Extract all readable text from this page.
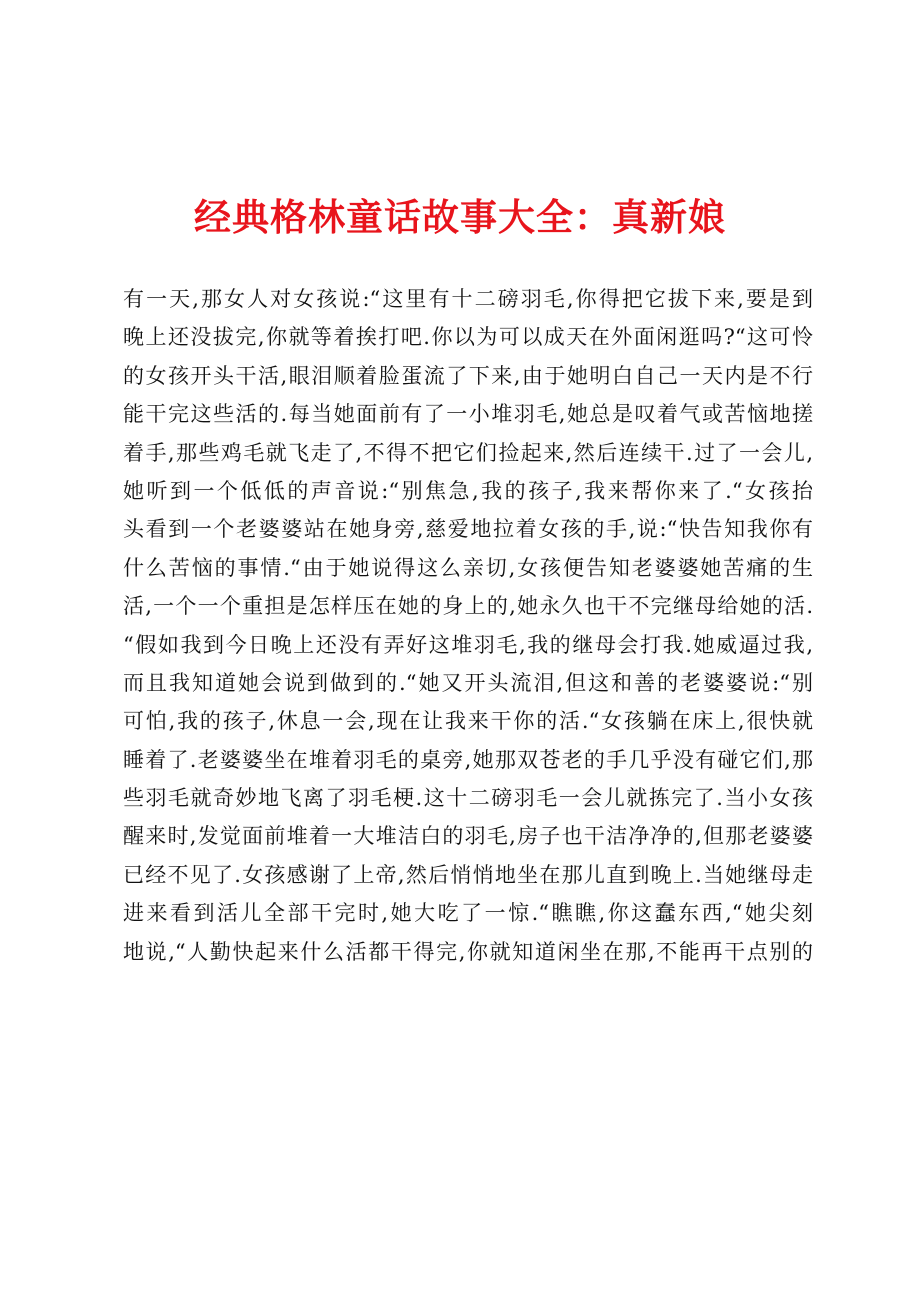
经典格林童话故事大全：真新娘
有一天,那女人对女孩说:“这里有十二磅羽毛,你得把它拔下来,要是到
晚上还没拔完,你就等着挨打吧.你以为可以成天在外面闲逛吗?“这可怜
的女孩开头干活,眼泪顺着脸蛋流了下来,由于她明白自己一天内是不行
能干完这些活的.每当她面前有了一小堆羽毛,她总是叹着气或苦恼地搓
着手,那些鸡毛就飞走了,不得不把它们捡起来,然后连续干.过了一会儿,
她听到一个低低的声音说:“别焦急,我的孩子,我来帮你来了.“女孩抬
头看到一个老婆婆站在她身旁,慈爱地拉着女孩的手,说:“快告知我你有
什么苦恼的事情.“由于她说得这么亲切,女孩便告知老婆婆她苦痛的生
活,一个一个重担是怎样压在她的身上的,她永久也干不完继母给她的活.
“假如我到今日晚上还没有弄好这堆羽毛,我的继母会打我.她威逼过我,
而且我知道她会说到做到的.“她又开头流泪,但这和善的老婆婆说:“别
可怕,我的孩子,休息一会,现在让我来干你的活.“女孩躺在床上,很快就
睡着了.老婆婆坐在堆着羽毛的桌旁,她那双苍老的手几乎没有碰它们,那
些羽毛就奇妙地飞离了羽毛梗.这十二磅羽毛一会儿就拣完了.当小女孩
醒来时,发觉面前堆着一大堆洁白的羽毛,房子也干洁净净的,但那老婆婆
已经不见了.女孩感谢了上帝,然后悄悄地坐在那儿直到晚上.当她继母走
进来看到活儿全部干完时,她大吃了一惊.“瞧瞧,你这蠢东西,“她尖刻
地说,“人勤快起来什么活都干得完,你就知道闲坐在那,不能再干点别的
